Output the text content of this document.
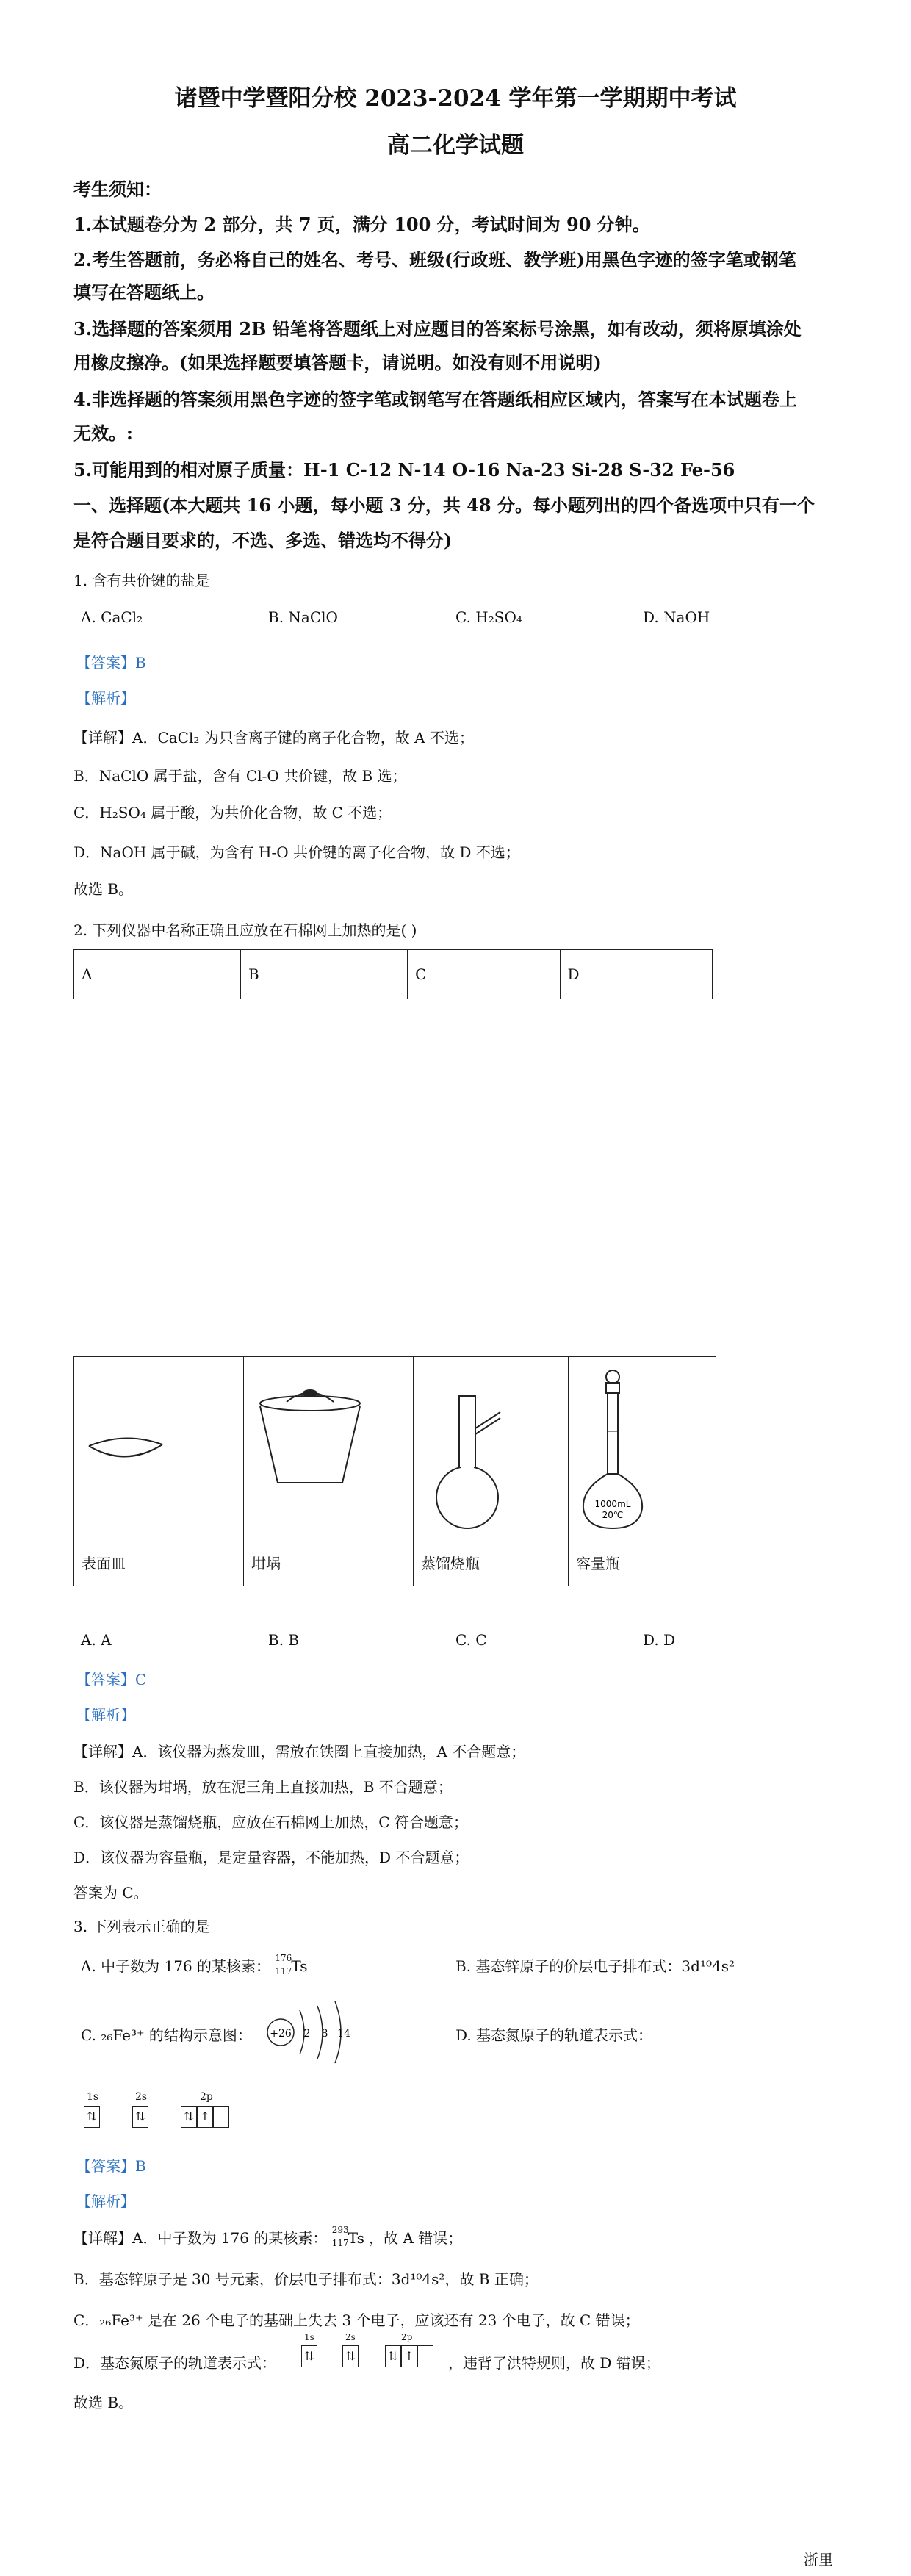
诸暨中学暨阳分校 2023-2024 学年第一学期期中考试
高二化学试题
考生须知：
1.本试题卷分为 2 部分，共 7 页，满分 100 分，考试时间为 90 分钟。
2.考生答题前，务必将自己的姓名、考号、班级(行政班、教学班)用黑色字迹的签字笔或钢笔
填写在答题纸上。
3.选择题的答案须用 2B 铅笔将答题纸上对应题目的答案标号涂黑，如有改动，须将原填涂处
用橡皮擦净。(如果选择题要填答题卡，请说明。如没有则不用说明)
4.非选择题的答案须用黑色字迹的签字笔或钢笔写在答题纸相应区域内，答案写在本试题卷上
无效。:
5.可能用到的相对原子质量：H-1 C-12 N-14 O-16 Na-23 Si-28 S-32 Fe-56
一、选择题(本大题共 16 小题，每小题 3 分，共 48 分。每小题列出的四个备选项中只有一个
是符合题目要求的，不选、多选、错选均不得分)
1. 含有共价键的盐是
A. CaCl₂	B. NaClO	C. H₂SO₄	D. NaOH
【答案】B
【解析】
【详解】A．CaCl₂ 为只含离子键的离子化合物，故 A 不选；
B．NaClO 属于盐，含有 Cl-O 共价键，故 B 选；
C．H₂SO₄ 属于酸，为共价化合物，故 C 不选；
D．NaOH 属于碱，为含有 H-O 共价键的离子化合物，故 D 不选；
故选 B。
2. 下列仪器中名称正确且应放在石棉网上加热的是( )
A	B	C	D

1000mL
20℃

表面皿	坩埚	蒸馏烧瓶	容量瓶
A. A	B. B	C. C	D. D
【答案】C
【解析】
【详解】A．该仪器为蒸发皿，需放在铁圈上直接加热，A 不合题意；
B．该仪器为坩埚，放在泥三角上直接加热，B 不合题意；
C．该仪器是蒸馏烧瓶，应放在石棉网上加热，C 符合题意；
D．该仪器为容量瓶，是定量容器，不能加热，D 不合题意；
答案为 C。
3. 下列表示正确的是
A. 中子数为 176 的某核素： 176
117 Ts	B. 基态锌原子的价层电子排布式：3d¹⁰4s²
C. ₂₆Fe³⁺ 的结构示意图： +26 2 8 14	D. 基态氮原子的轨道表示式：
1s	2s	2p
⇅	⇅	⇅ ↑
【答案】B
【解析】
【详解】A．中子数为 176 的某核素： 293
117 Ts ，故 A 错误；
B．基态锌原子是 30 号元素，价层电子排布式：3d¹⁰4s²，故 B 正确；
C．₂₆Fe³⁺ 是在 26 个电子的基础上失去 3 个电子，应该还有 23 个电子，故 C 错误；
D．基态氮原子的轨道表示式：
1s	2s	2p
⇅	⇅	⇅ ↑	，违背了洪特规则，故 D 错误；
故选 B。
浙里
